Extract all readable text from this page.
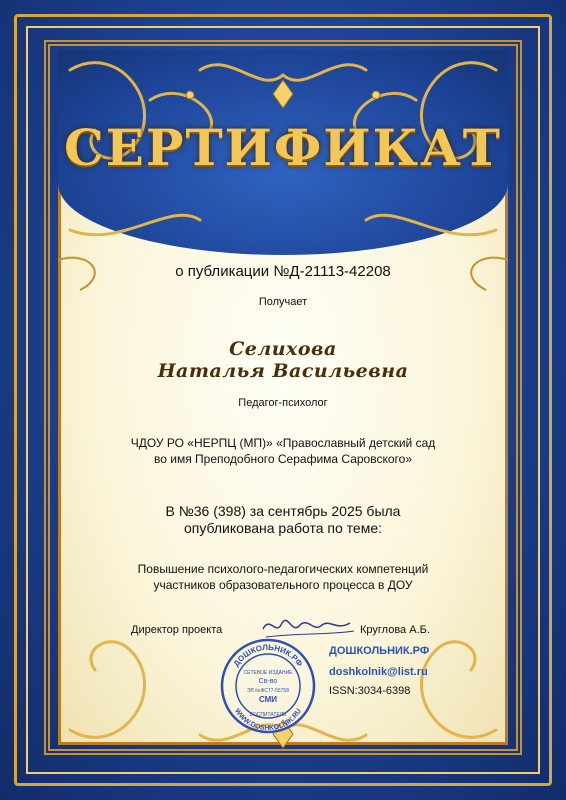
СЕРТИФИКАТ
о публикации №Д-21113-42208
Получает
Селихова
Наталья Васильевна
Педагог-психолог
ЧДОУ РО «НЕРПЦ (МП)» «Православный детский сад
во имя Преподобного Серафима Саровского»
В №36 (398) за сентябрь 2025 была
опубликована работа по теме:
Повышение психолого-педагогических компетенций
участников образовательного процесса в ДОУ
Директор проекта	Круглова А.Б.
ДОШКОЛЬНИК.РФ
WWW.DOSHKOLNIK.RU
СЕТЕВОЕ ИЗДАНИЕ
Св-во
ЭЛ №ФС77-55758
СМИ
ВОСПИТАТЕЛЬ
ДОШКОЛЬНИК.РФ
doshkolnik@list.ru
ISSN:3034-6398
